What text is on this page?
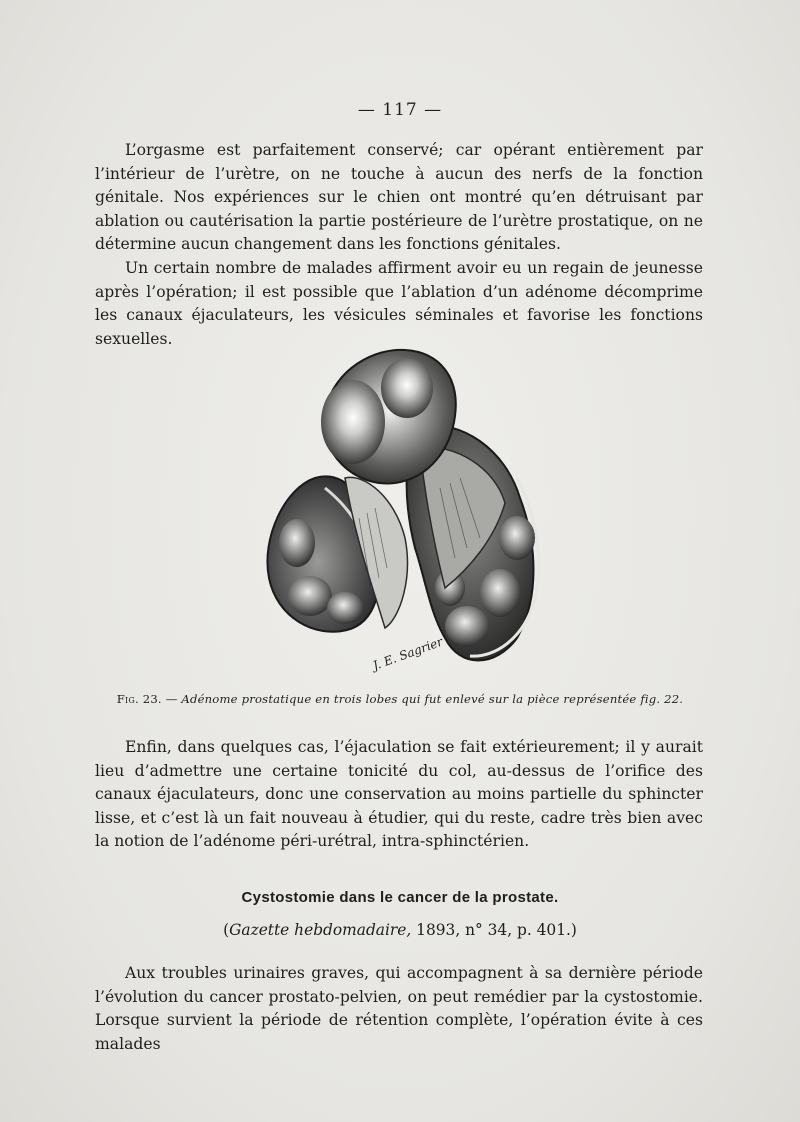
— 117 —

L’orgasme est parfaitement conservé; car opérant entièrement par l’intérieur de l’urètre, on ne touche à aucun des nerfs de la fonction génitale. Nos expériences sur le chien ont montré qu’en détruisant par ablation ou cautérisation la partie postérieure de l’urètre prostatique, on ne détermine aucun changement dans les fonctions génitales.

Un certain nombre de malades affirment avoir eu un regain de jeunesse après l’opération; il est possible que l’ablation d’un adénome décomprime les canaux éjaculateurs, les vésicules séminales et favorise les fonctions sexuelles.

J. E. Sagrier
Fig. 23. — Adénome prostatique en trois lobes qui fut enlevé sur la pièce représentée fig. 22.

Enfin, dans quelques cas, l’éjaculation se fait extérieurement; il y aurait lieu d’admettre une certaine tonicité du col, au-dessus de l’orifice des canaux éjaculateurs, donc une conservation au moins partielle du sphincter lisse, et c’est là un fait nouveau à étudier, qui du reste, cadre très bien avec la notion de l’adénome péri-urétral, intra-sphinctérien.

Cystostomie dans le cancer de la prostate.
(Gazette hebdomadaire, 1893, n° 34, p. 401.)

Aux troubles urinaires graves, qui accompagnent à sa dernière période l’évolution du cancer prostato-pelvien, on peut remédier par la cystostomie. Lorsque survient la période de rétention complète, l’opération évite à ces malades
